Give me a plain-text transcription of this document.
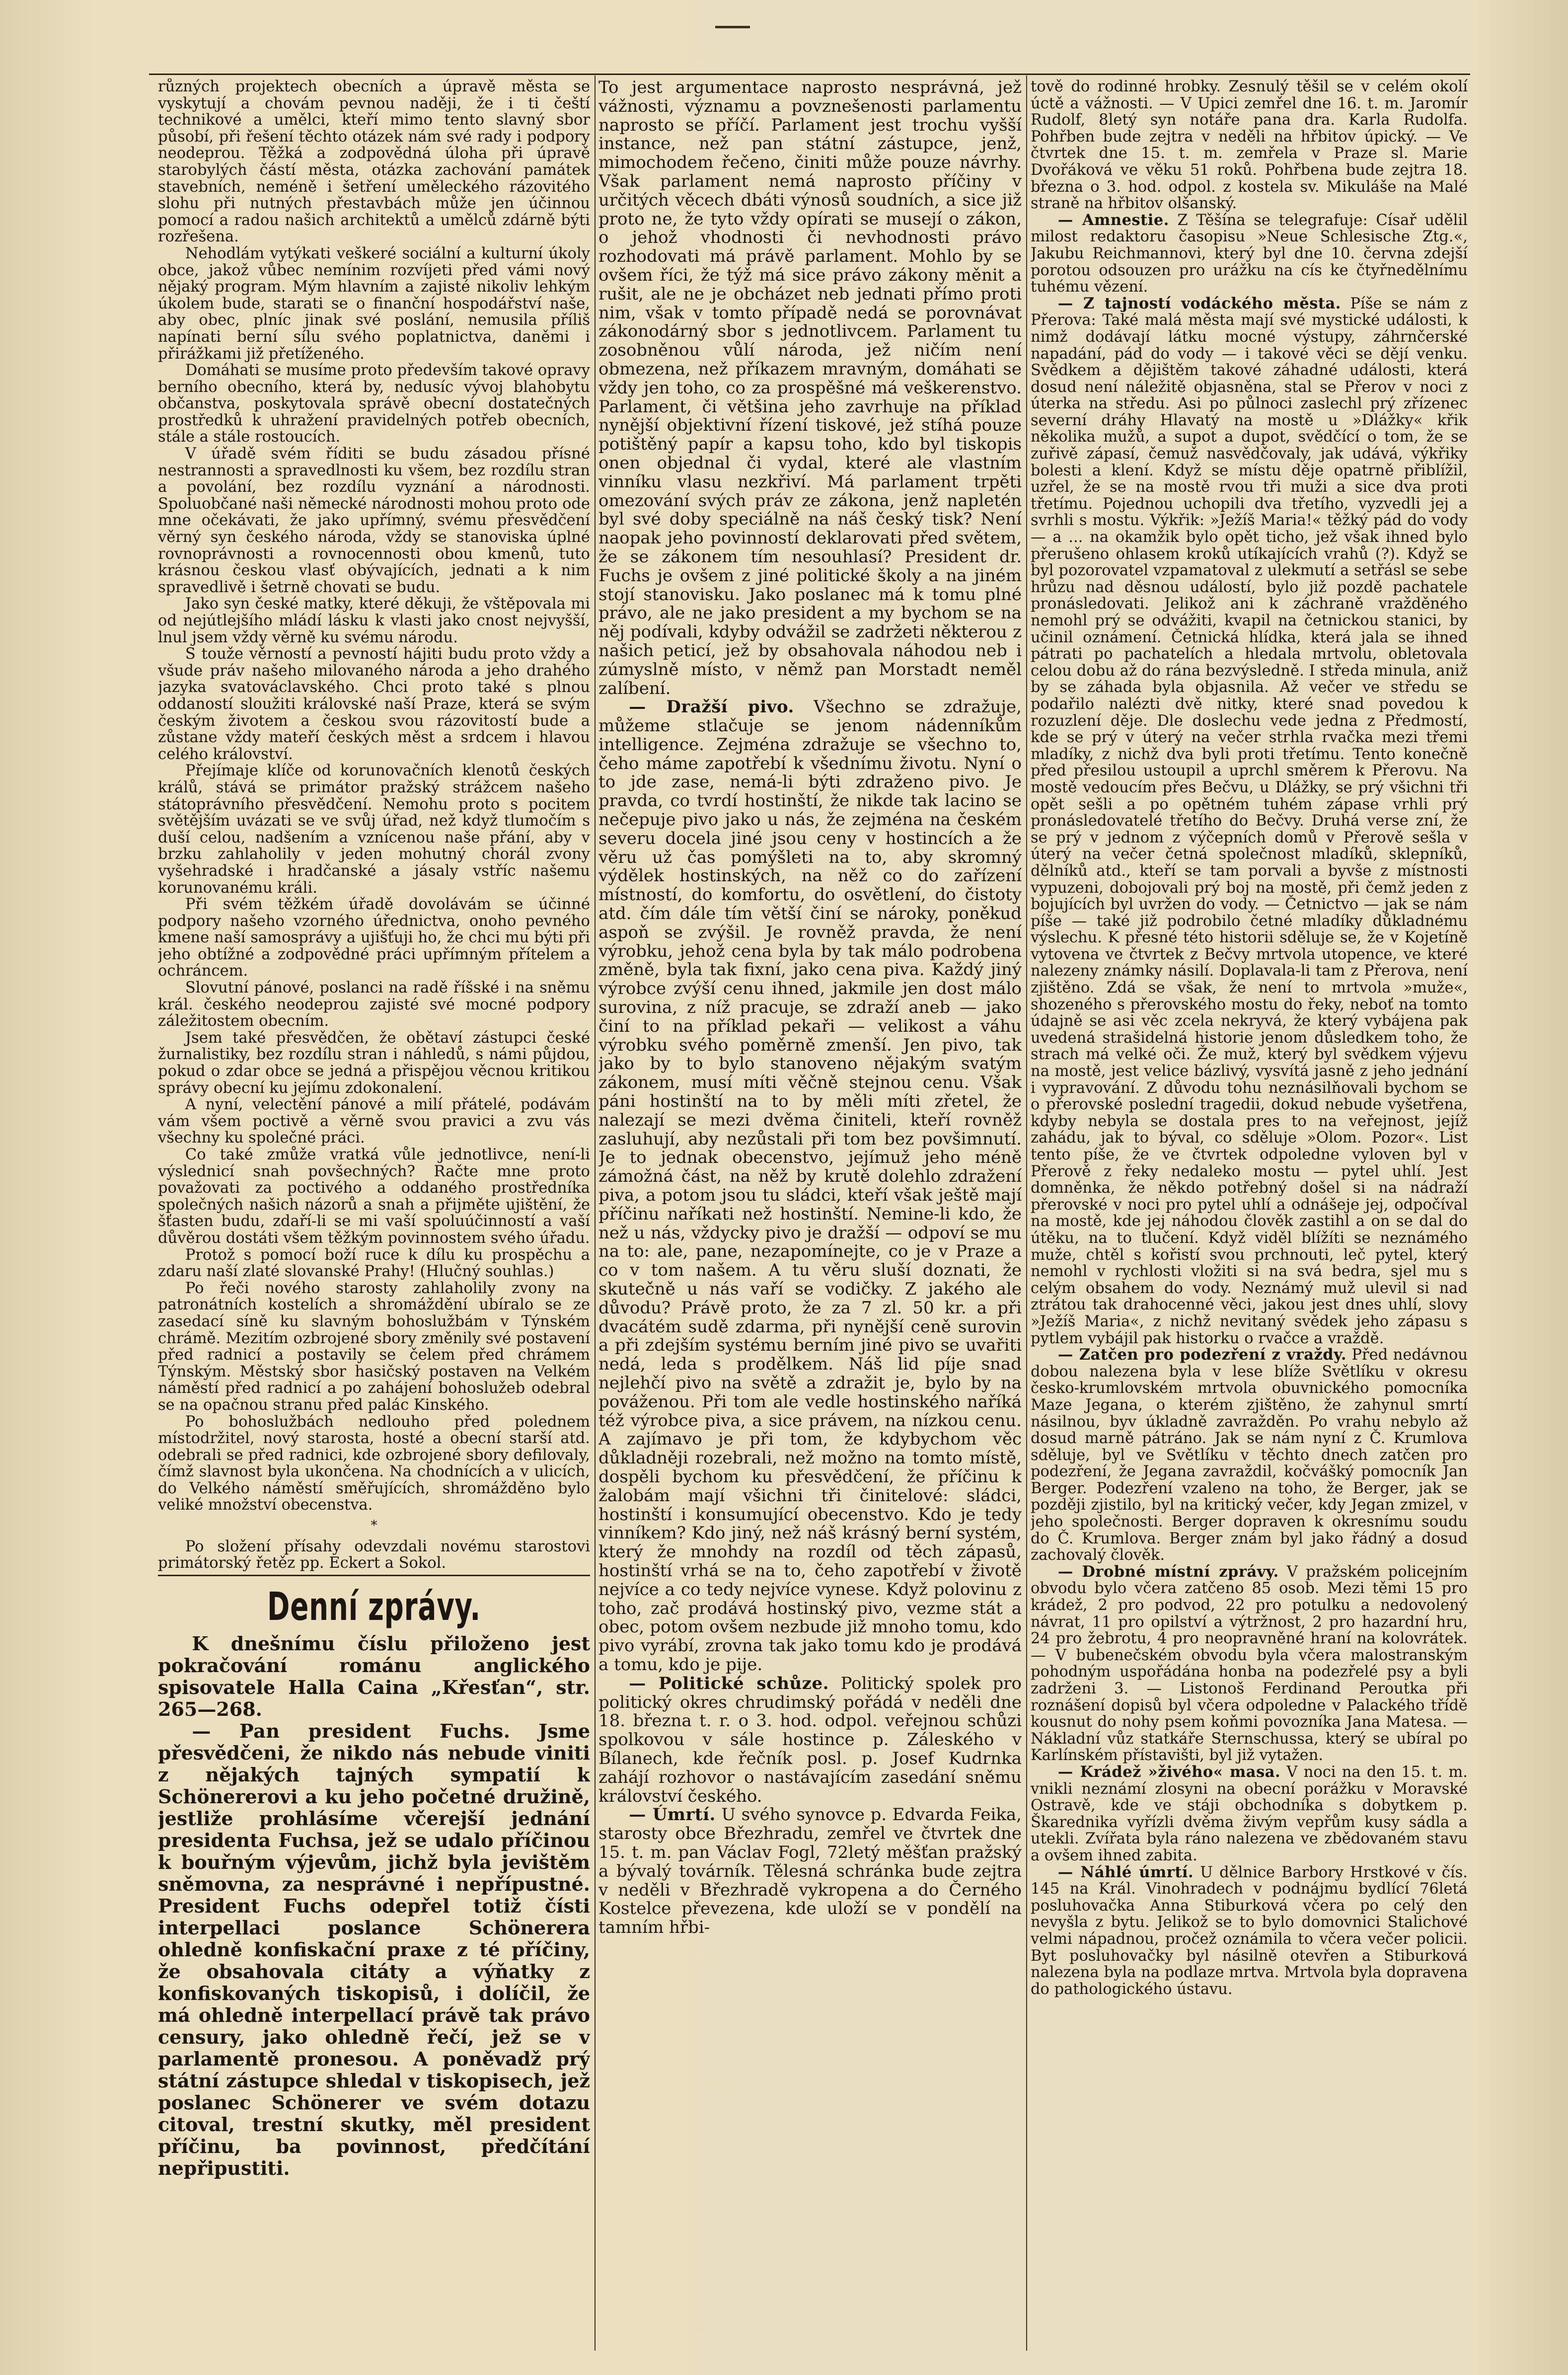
různých projektech obecních a úpravě města se vyskytují a chovám pevnou naději, že i ti čeští technikové a umělci, kteří mimo tento slavný sbor působí, při řešení těchto otázek nám své rady i podpory neodeprou. Těžká a zodpovědná úloha při úpravě starobylých částí města, otázka zachování památek stavebních, neméně i šetření uměleckého rázovitého slohu při nutných přestavbách může jen účinnou pomocí a radou našich architektů a umělců zdárně býti rozřešena.

Nehodlám vytýkati veškeré sociální a kulturní úkoly obce, jakož vůbec nemínim rozvíjeti před vámi nový nějaký program. Mým hlavním a zajisté nikoliv lehkým úkolem bude, starati se o finanční hospodářství naše, aby obec, plníc jinak své poslání, nemusila příliš napínati berní sílu svého poplatnictva, daněmi i přirážkami již přetíženého.

Domáhati se musíme proto především takové opravy berního obecního, která by, nedusíc vývoj blahobytu občanstva, poskytovala správě obecní dostatečných prostředků k uhražení pravidelných potřeb obecních, stále a stále rostoucích.

V úřadě svém říditi se budu zásadou přísné nestrannosti a spravedlnosti ku všem, bez rozdílu stran a povolání, bez rozdílu vyznání a národnosti. Spoluobčané naši německé národnosti mohou proto ode mne očekávati, že jako upřímný, svému přesvědčení věrný syn českého národa, vždy se stanoviska úplné rovnoprávnosti a rovnocennosti obou kmenů, tuto krásnou českou vlasť obývajících, jednati a k nim spravedlivě i šetrně chovati se budu.

Jako syn české matky, které děkuji, že vštěpovala mi od nejútlejšího mládí lásku k vlasti jako cnost nejvyšší, lnul jsem vždy věrně ku svému národu.

S touže věrností a pevností hájiti budu proto vždy a všude práv našeho milovaného národa a jeho drahého jazyka svatováclavského. Chci proto také s plnou oddaností sloužiti královské naší Praze, která se svým českým životem a českou svou rázovitostí bude a zůstane vždy mateří českých měst a srdcem i hlavou celého království.

Přejímaje klíče od korunovačních klenotů českých králů, stává se primátor pražský strážcem našeho státoprávního přesvědčení. Nemohu proto s pocitem světějším uvázati se ve svůj úřad, než když tlumočím s duší celou, nadšením a vznícenou naše přání, aby v brzku zahlaholily v jeden mohutný chorál zvony vyšehradské i hradčanské a jásaly vstříc našemu korunovanému králi.

Při svém těžkém úřadě dovolávám se účinné podpory našeho vzorného úřednictva, onoho pevného kmene naší samosprávy a ujišťuji ho, že chci mu býti při jeho obtížné a zodpovědné práci upřímným přítelem a ochráncem.

Slovutní pánové, poslanci na radě říšské i na sněmu král. českého neodeprou zajisté své mocné podpory záležitostem obecním.

Jsem také přesvědčen, že obětaví zástupci české žurnalistiky, bez rozdílu stran i náhledů, s námi půjdou, pokud o zdar obce se jedná a přispějou věcnou kritikou správy obecní ku jejímu zdokonalení.

A nyní, velectění pánové a milí přátelé, podávám vám všem poctivě a věrně svou pravici a zvu vás všechny ku společné práci.

Co také zmůže vratká vůle jednotlivce, není-li výslednicí snah povšechných? Račte mne proto považovati za poctivého a oddaného prostředníka společných našich názorů a snah a přijměte ujištění, že šťasten budu, zdaří-li se mi vaší spoluúčinností a vaší důvěrou dostáti všem těžkým povinnostem svého úřadu.

Protož s pomocí boží ruce k dílu ku prospěchu a zdaru naší zlaté slovanské Prahy! (Hlučný souhlas.)

Po řeči nového starosty zahlaholily zvony na patronátních kostelích a shromáždění ubíralo se ze zasedací síně ku slavným bohoslužbám v Týnském chrámě. Mezitím ozbrojené sbory změnily své postavení před radnicí a postavily se čelem před chrámem Týnským. Městský sbor hasičský postaven na Velkém náměstí před radnicí a po zahájení bohoslužeb odebral se na opačnou stranu před palác Kinského.

Po bohoslužbách nedlouho před polednem místodržitel, nový starosta, hosté a obecní starší atd. odebrali se před radnici, kde ozbrojené sbory defilovaly, čímž slavnost byla ukončena. Na chodnících a v ulicích, do Velkého náměstí směřujících, shromážděno bylo veliké množství obecenstva.

*

Po složení přísahy odevzdali novému starostovi primátorský řetěz pp. Eckert a Sokol.

Denní zprávy.

K dnešnímu číslu přiloženo jest pokračování románu anglického spisovatele Halla Caina „Křesťan“, str. 265—268.

— Pan president Fuchs. Jsme přesvědčeni, že nikdo nás nebude viniti z nějakých tajných sympatií k Schönererovi a ku jeho početné družině, jestliže prohlásíme včerejší jednání presidenta Fuchsa, jež se udalo příčinou k bouřným výjevům, jichž byla jevištěm sněmovna, za nesprávné i nepřípustné. President Fuchs odepřel totiž čísti interpellaci poslance Schönerera ohledně konfiskační praxe z té příčiny, že obsahovala citáty a výňatky z konfiskovaných tiskopisů, i dolíčil, že má ohledně interpellací právě tak právo censury, jako ohledně řečí, jež se v parlamentě pronesou. A poněvadž prý státní zástupce shledal v tiskopisech, jež poslanec Schönerer ve svém dotazu citoval, trestní skutky, měl president příčinu, ba povinnost, předčítání nepřipustiti.

To jest argumentace naprosto nesprávná, jež vážnosti, významu a povznešenosti parlamentu naprosto se příčí. Parlament jest trochu vyšší instance, než pan státní zástupce, jenž, mimochodem řečeno, činiti může pouze návrhy. Však parlament nemá naprosto příčiny v určitých věcech dbáti výnosů soudních, a sice již proto ne, že tyto vždy opírati se musejí o zákon, o jehož vhodnosti či nevhodnosti právo rozhodovati má právě parlament. Mohlo by se ovšem říci, že týž má sice právo zákony měnit a rušit, ale ne je obcházet neb jednati přímo proti nim, však v tomto případě nedá se porovnávat zákonodárný sbor s jednotlivcem. Parlament tu zosobněnou vůlí národa, jež ničím není obmezena, než příkazem mravným, domáhati se vždy jen toho, co za prospěšné má veškerenstvo. Parlament, či většina jeho zavrhuje na příklad nynější objektivní řízení tiskové, jež stíhá pouze potištěný papír a kapsu toho, kdo byl tiskopis onen objednal či vydal, které ale vlastním vinníku vlasu nezkřiví. Má parlament trpěti omezování svých práv ze zákona, jenž napletén byl své doby speciálně na náš český tisk? Není naopak jeho povinností deklarovati před světem, že se zákonem tím nesouhlasí? President dr. Fuchs je ovšem z jiné politické školy a na jiném stojí stanovisku. Jako poslanec má k tomu plné právo, ale ne jako president a my bychom se na něj podívali, kdyby odvážil se zadržeti některou z našich peticí, jež by obsahovala náhodou neb i zúmyslně místo, v němž pan Morstadt neměl zalíbení.

— Dražší pivo. Všechno se zdražuje, můžeme stlačuje se jenom nádenníkům intelligence. Zejména zdražuje se všechno to, čeho máme zapotřebí k všednímu životu. Nyní o to jde zase, nemá-li býti zdraženo pivo. Je pravda, co tvrdí hostinští, že nikde tak lacino se nečepuje pivo jako u nás, že zejména na českém severu docela jiné jsou ceny v hostincích a že věru už čas pomýšleti na to, aby skromný výdělek hostinských, na něž co do zařízení místností, do komfortu, do osvětlení, do čistoty atd. čím dále tím větší činí se nároky, poněkud aspoň se zvýšil. Je rovněž pravda, že není výrobku, jehož cena byla by tak málo podrobena změně, byla tak fixní, jako cena piva. Každý jiný výrobce zvýší cenu ihned, jakmile jen dost málo surovina, z níž pracuje, se zdraží aneb — jako činí to na příklad pekaři — velikost a váhu výrobku svého poměrně zmenší. Jen pivo, tak jako by to bylo stanoveno nějakým svatým zákonem, musí míti věčně stejnou cenu. Však páni hostinští na to by měli míti zřetel, že nalezají se mezi dvěma činiteli, kteří rovněž zasluhují, aby nezůstali při tom bez povšimnutí. Je to jednak obecenstvo, jejímuž jeho méně zámožná část, na něž by krutě dolehlo zdražení piva, a potom jsou tu sládci, kteří však ještě mají příčinu naříkati než hostinští. Nemine-li kdo, že než u nás, vždycky pivo je dražší — odpoví se mu na to: ale, pane, nezapomínejte, co je v Praze a co v tom našem. A tu věru sluší doznati, že skutečně u nás vaří se vodičky. Z jakého ale důvodu? Právě proto, že za 7 zl. 50 kr. a při dvacátém sudě zdarma, při nynější ceně surovin a při zdejším systému berním jiné pivo se uvařiti nedá, leda s prodělkem. Náš lid píje snad nejlehčí pivo na světě a zdražit je, bylo by na pováženou. Při tom ale vedle hostinského naříká též výrobce piva, a sice právem, na nízkou cenu. A zajímavo je při tom, že kdybychom věc důkladněji rozebrali, než možno na tomto místě, dospěli bychom ku přesvědčení, že příčinu k žalobám mají všichni tři činitelové: sládci, hostinští i konsumující obecenstvo. Kdo je tedy vinníkem? Kdo jiný, než náš krásný berní systém, který že mnohdy na rozdíl od těch zápasů, hostinští vrhá se na to, čeho zapotřebí v životě nejvíce a co tedy nejvíce vynese. Když polovinu z toho, zač prodává hostinský pivo, vezme stát a obec, potom ovšem nezbude již mnoho tomu, kdo pivo vyrábí, zrovna tak jako tomu kdo je prodává a tomu, kdo je pije.

— Politické schůze. Politický spolek pro politický okres chrudimský pořádá v neděli dne 18. března t. r. o 3. hod. odpol. veřejnou schůzi spolkovou v sále hostince p. Záleského v Bílanech, kde řečník posl. p. Josef Kudrnka zahájí rozhovor o nastávajícím zasedání sněmu království českého.

— Úmrtí. U svého synovce p. Edvarda Feika, starosty obce Březhradu, zemřel ve čtvrtek dne 15. t. m. pan Václav Fogl, 72letý měšťan pražský a bývalý továrník. Tělesná schránka bude zejtra v neděli v Březhradě vykropena a do Černého Kostelce převezena, kde uloží se v pondělí na tamním hřbi-

tově do rodinné hrobky. Zesnulý těšil se v celém okolí úctě a vážnosti. — V Upici zemřel dne 16. t. m. Jaromír Rudolf, 8letý syn notáře pana dra. Karla Rudolfa. Pohřben bude zejtra v neděli na hřbitov úpický. — Ve čtvrtek dne 15. t. m. zemřela v Praze sl. Marie Dvořáková ve věku 51 roků. Pohřbena bude zejtra 18. března o 3. hod. odpol. z kostela sv. Mikuláše na Malé straně na hřbitov olšanský.

— Amnestie. Z Těšína se telegrafuje: Císař udělil milost redaktoru časopisu »Neue Schlesische Ztg.«, Jakubu Reichmannovi, který byl dne 10. června zdejší porotou odsouzen pro urážku na cís ke čtyřnedělnímu tuhému vězení.

— Z tajností vodáckého města. Píše se nám z Přerova: Také malá města mají své mystické události, k nimž dodávají látku mocné výstupy, záhrnčerské napadání, pád do vody — i takové věci se dějí venku. Svědkem a dějištěm takové záhadné události, která dosud není náležitě objasněna, stal se Přerov v noci z úterka na středu. Asi po půlnoci zaslechl prý zřízenec severní dráhy Hlavatý na mostě u »Dlážky« křik několika mužů, a supot a dupot, svědčící o tom, že se zuřivě zápasí, čemuž nasvědčovaly, jak udává, výkřiky bolesti a klení. Když se místu děje opatrně přiblížil, uzřel, že se na mostě rvou tři muži a sice dva proti třetímu. Pojednou uchopili dva třetího, vyzvedli jej a svrhli s mostu. Výkřik: »Ježíš Maria!« těžký pád do vody — a ... na okamžik bylo opět ticho, jež však ihned bylo přerušeno ohlasem kroků utíkajících vrahů (?). Když se byl pozorovatel vzpamatoval z ulekmutí a setřásl se sebe hrůzu nad děsnou událostí, bylo již pozdě pachatele pronásledovati. Jelikož ani k záchraně vražděného nemohl prý se odvážiti, kvapil na četnickou stanici, by učinil oznámení. Četnická hlídka, která jala se ihned pátrati po pachatelích a hledala mrtvolu, obletovala celou dobu až do rána bezvýsledně. I středa minula, aniž by se záhada byla objasnila. Až večer ve středu se podařilo nalézti dvě nitky, které snad povedou k rozuzlení děje. Dle doslechu vede jedna z Předmostí, kde se prý v úterý na večer strhla rvačka mezi třemi mladíky, z nichž dva byli proti třetímu. Tento konečně před přesilou ustoupil a uprchl směrem k Přerovu. Na mostě vedoucím přes Bečvu, u Dlážky, se prý všichni tři opět sešli a po opětném tuhém zápase vrhli prý pronásledovatelé třetího do Bečvy. Druhá verse zní, že se prý v jednom z výčepních domů v Přerově sešla v úterý na večer četná společnost mladíků, sklepníků, dělníků atd., kteří se tam porvali a byvše z místnosti vypuzeni, dobojovali prý boj na mostě, při čemž jeden z bojujících byl uvržen do vody. — Četnictvo — jak se nám píše — také již podrobilo četné mladíky důkladnému výslechu. K přesné této historii sděluje se, že v Kojetíně vytovena ve čtvrtek z Bečvy mrtvola utopence, ve které nalezeny známky násilí. Doplavala-li tam z Přerova, není zjištěno. Zdá se však, že není to mrtvola »muže«, shozeného s přerovského mostu do řeky, neboť na tomto údajně se asi věc zcela nekryvá, že který vybájena pak uvedená strašidelná historie jenom důsledkem toho, že strach má velké oči. Že muž, který byl svědkem výjevu na mostě, jest velice bázlivý, vysvítá jasně z jeho jednání i vypravování. Z důvodu tohu neznásilňovali bychom se o přerovské poslední tragedii, dokud nebude vyšetřena, kdyby nebyla se dostala pres to na veřejnost, jejíž zahádu, jak to býval, co sděluje »Olom. Pozor«. List tento píše, že ve čtvrtek odpoledne vyloven byl v Přerově z řeky nedaleko mostu — pytel uhlí. Jest domněnka, že někdo potřebný došel si na nádraží přerovské v noci pro pytel uhlí a odnášeje jej, odpočíval na mostě, kde jej náhodou člověk zastihl a on se dal do útěku, na to tlučení. Když viděl blížíti se neznámého muže, chtěl s kořistí svou prchnouti, leč pytel, který nemohl v rychlosti vložiti si na svá bedra, sjel mu s celým obsahem do vody. Neznámý muž ulevil si nad ztrátou tak drahocenné věci, jakou jest dnes uhlí, slovy »Ježíš Maria«, z nichž nevitaný svědek jeho zápasu s pytlem vybájil pak historku o rvačce a vraždě.

— Zatčen pro podezření z vraždy. Před nedávnou dobou nalezena byla v lese blíže Světlíku v okresu česko-krumlovském mrtvola obuvnického pomocníka Maze Jegana, o kterém zjištěno, že zahynul smrtí násilnou, byv úkladně zavražděn. Po vrahu nebylo až dosud marně pátráno. Jak se nám nyní z Č. Krumlova sděluje, byl ve Světlíku v těchto dnech zatčen pro podezření, že Jegana zavraždil, kočvášký pomocník Jan Berger. Podezření vzaleno na toho, že Berger, jak se později zjistilo, byl na kritický večer, kdy Jegan zmizel, v jeho společnosti. Berger dopraven k okresnímu soudu do Č. Krumlova. Berger znám byl jako řádný a dosud zachovalý člověk.

— Drobné místní zprávy. V pražském policejním obvodu bylo včera zatčeno 85 osob. Mezi těmi 15 pro krádež, 2 pro podvod, 22 pro potulku a nedovolený návrat, 11 pro opilství a výtržnost, 2 pro hazardní hru, 24 pro žebrotu, 4 pro neopravněné hraní na kolovrátek. — V bubenečském obvodu byla včera malostranským pohodným uspořádána honba na podezřelé psy a byli zadrženi 3. — Listonoš Ferdinand Peroutka při roznášení dopisů byl včera odpoledne v Palackého třídě kousnut do nohy psem koňmi povozníka Jana Matesa. — Nákladní vůz statkáře Sternschussa, který se ubíral po Karlínském přístavišti, byl již vytažen.

— Krádež »živého« masa. V noci na den 15. t. m. vnikli neznámí zlosyni na obecní porážku v Moravské Ostravě, kde ve stáji obchodníka s dobytkem p. Škarednika vyřízli dvěma živým vepřům kusy sádla a utekli. Zvířata byla ráno nalezena ve zbědovaném stavu a ovšem ihned zabita.

— Náhlé úmrtí. U dělnice Barbory Hrstkové v čís. 145 na Král. Vinohradech v podnájmu bydlící 76letá posluhovačka Anna Stiburková včera po celý den nevyšla z bytu. Jelikož se to bylo domovnici Stalichové velmi nápadnou, pročež oznámila to včera večer policii. Byt posluhovačky byl násilně otevřen a Stiburková nalezena byla na podlaze mrtva. Mrtvola byla dopravena do pathologického ústavu.
